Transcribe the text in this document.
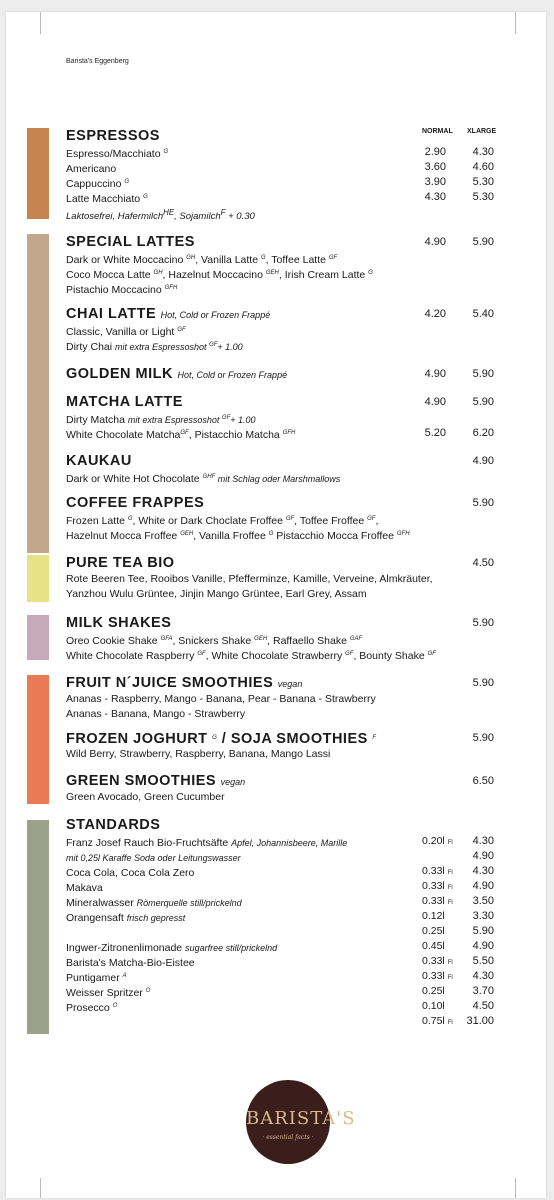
Barista's Eggenberg
ESPRESSOS	NORMAL XLARGE
Espresso/Macchiato $^G$	2.90 4.30
Americano	3.60 4.60
Cappuccino $^G$	3.90 5.30
Latte Macchiato $^G$	4.30 5.30
Laktosefrei, Hafermilch$^{HE}$, Sojamilch$^F$ + 0.30
SPECIAL LATTES	4.90 5.90
Dark or White Moccacino $^{GH}$, Vanilla Latte $^G$, Toffee Latte $^{GF}$
Coco Mocca Latte $^{GH}$, Hazelnut Moccacino $^{GEH}$, Irish Cream Latte $^G$
Pistachio Moccacino $^{GFH}$
CHAI LATTE Hot, Cold or Frozen Frappé	4.20 5.40
Classic, Vanilla or Light $^{GF}$
Dirty Chai mit extra Espressoshot $^{GF}$+ 1.00
GOLDEN MILK Hot, Cold or Frozen Frappé	4.90 5.90
MATCHA LATTE	4.90 5.90
Dirty Matcha mit extra Espressoshot $^{GF}$+ 1.00
White Chocolate Matcha$^{GF}$, Pistacchio Matcha $^{GFH}$	5.20 6.20
KAUKAU	4.90
Dark or White Hot Chocolate $^{GHF}$ mit Schlag oder Marshmallows
COFFEE FRAPPES	5.90
Frozen Latte $^G$, White or Dark Choclate Froffee $^{GF}$, Toffee Froffee $^{GF}$,
Hazelnut Mocca Froffee $^{GEH}$, Vanilla Froffee $^G$ Pistacchio Mocca Froffee $^{GFH}$
PURE TEA BIO	4.50
Rote Beeren Tee, Rooibos Vanille, Pfefferminze, Kamille, Verveine, Almkräuter,
Yanzhou Wulu Grüntee, Jinjin Mango Grüntee, Earl Grey, Assam
MILK SHAKES	5.90
Oreo Cookie Shake $^{GFA}$, Snickers Shake $^{GEH}$, Raffaello Shake $^{GAF}$
White Chocolate Raspberry $^{GF}$, White Chocolate Strawberry $^{GF}$, Bounty Shake $^{GF}$
FRUIT N´JUICE SMOOTHIES vegan	5.90
Ananas - Raspberry, Mango - Banana, Pear - Banana - Strawberry
Ananas - Banana, Mango - Strawberry
FROZEN JOGHURT $^G$ / SOJA SMOOTHIES $^F$	5.90
Wild Berry, Strawberry, Raspberry, Banana, Mango Lassi
GREEN SMOOTHIES vegan	6.50
Green Avocado, Green Cucumber
STANDARDS
Franz Josef Rauch Bio-Fruchtsäfte Apfel, Johannisbeere, Marille	0.20l Fl	4.30
mit 0,25l Karaffe Soda oder Leitungswasser	4.90
Coca Cola, Coca Cola Zero	0.33l Fl	4.30
Makava	0.33l Fl	4.90
Mineralwasser Römerquelle still/prickelnd	0.33l Fl	3.50
Orangensaft frisch gepresst	0.12l	3.30
0.25l	5.90
Ingwer-Zitronenlimonade sugarfree still/prickelnd	0.45l	4.90
Barista's Matcha-Bio-Eistee	0.33l Fl	5.50
Puntigamer $^A$	0.33l Fl	4.30
Weisser Spritzer $^O$	0.25l	3.70
Prosecco $^O$	0.10l	4.50
0.75l Fl 31.00
BARISTA'S
· essential facts ·
